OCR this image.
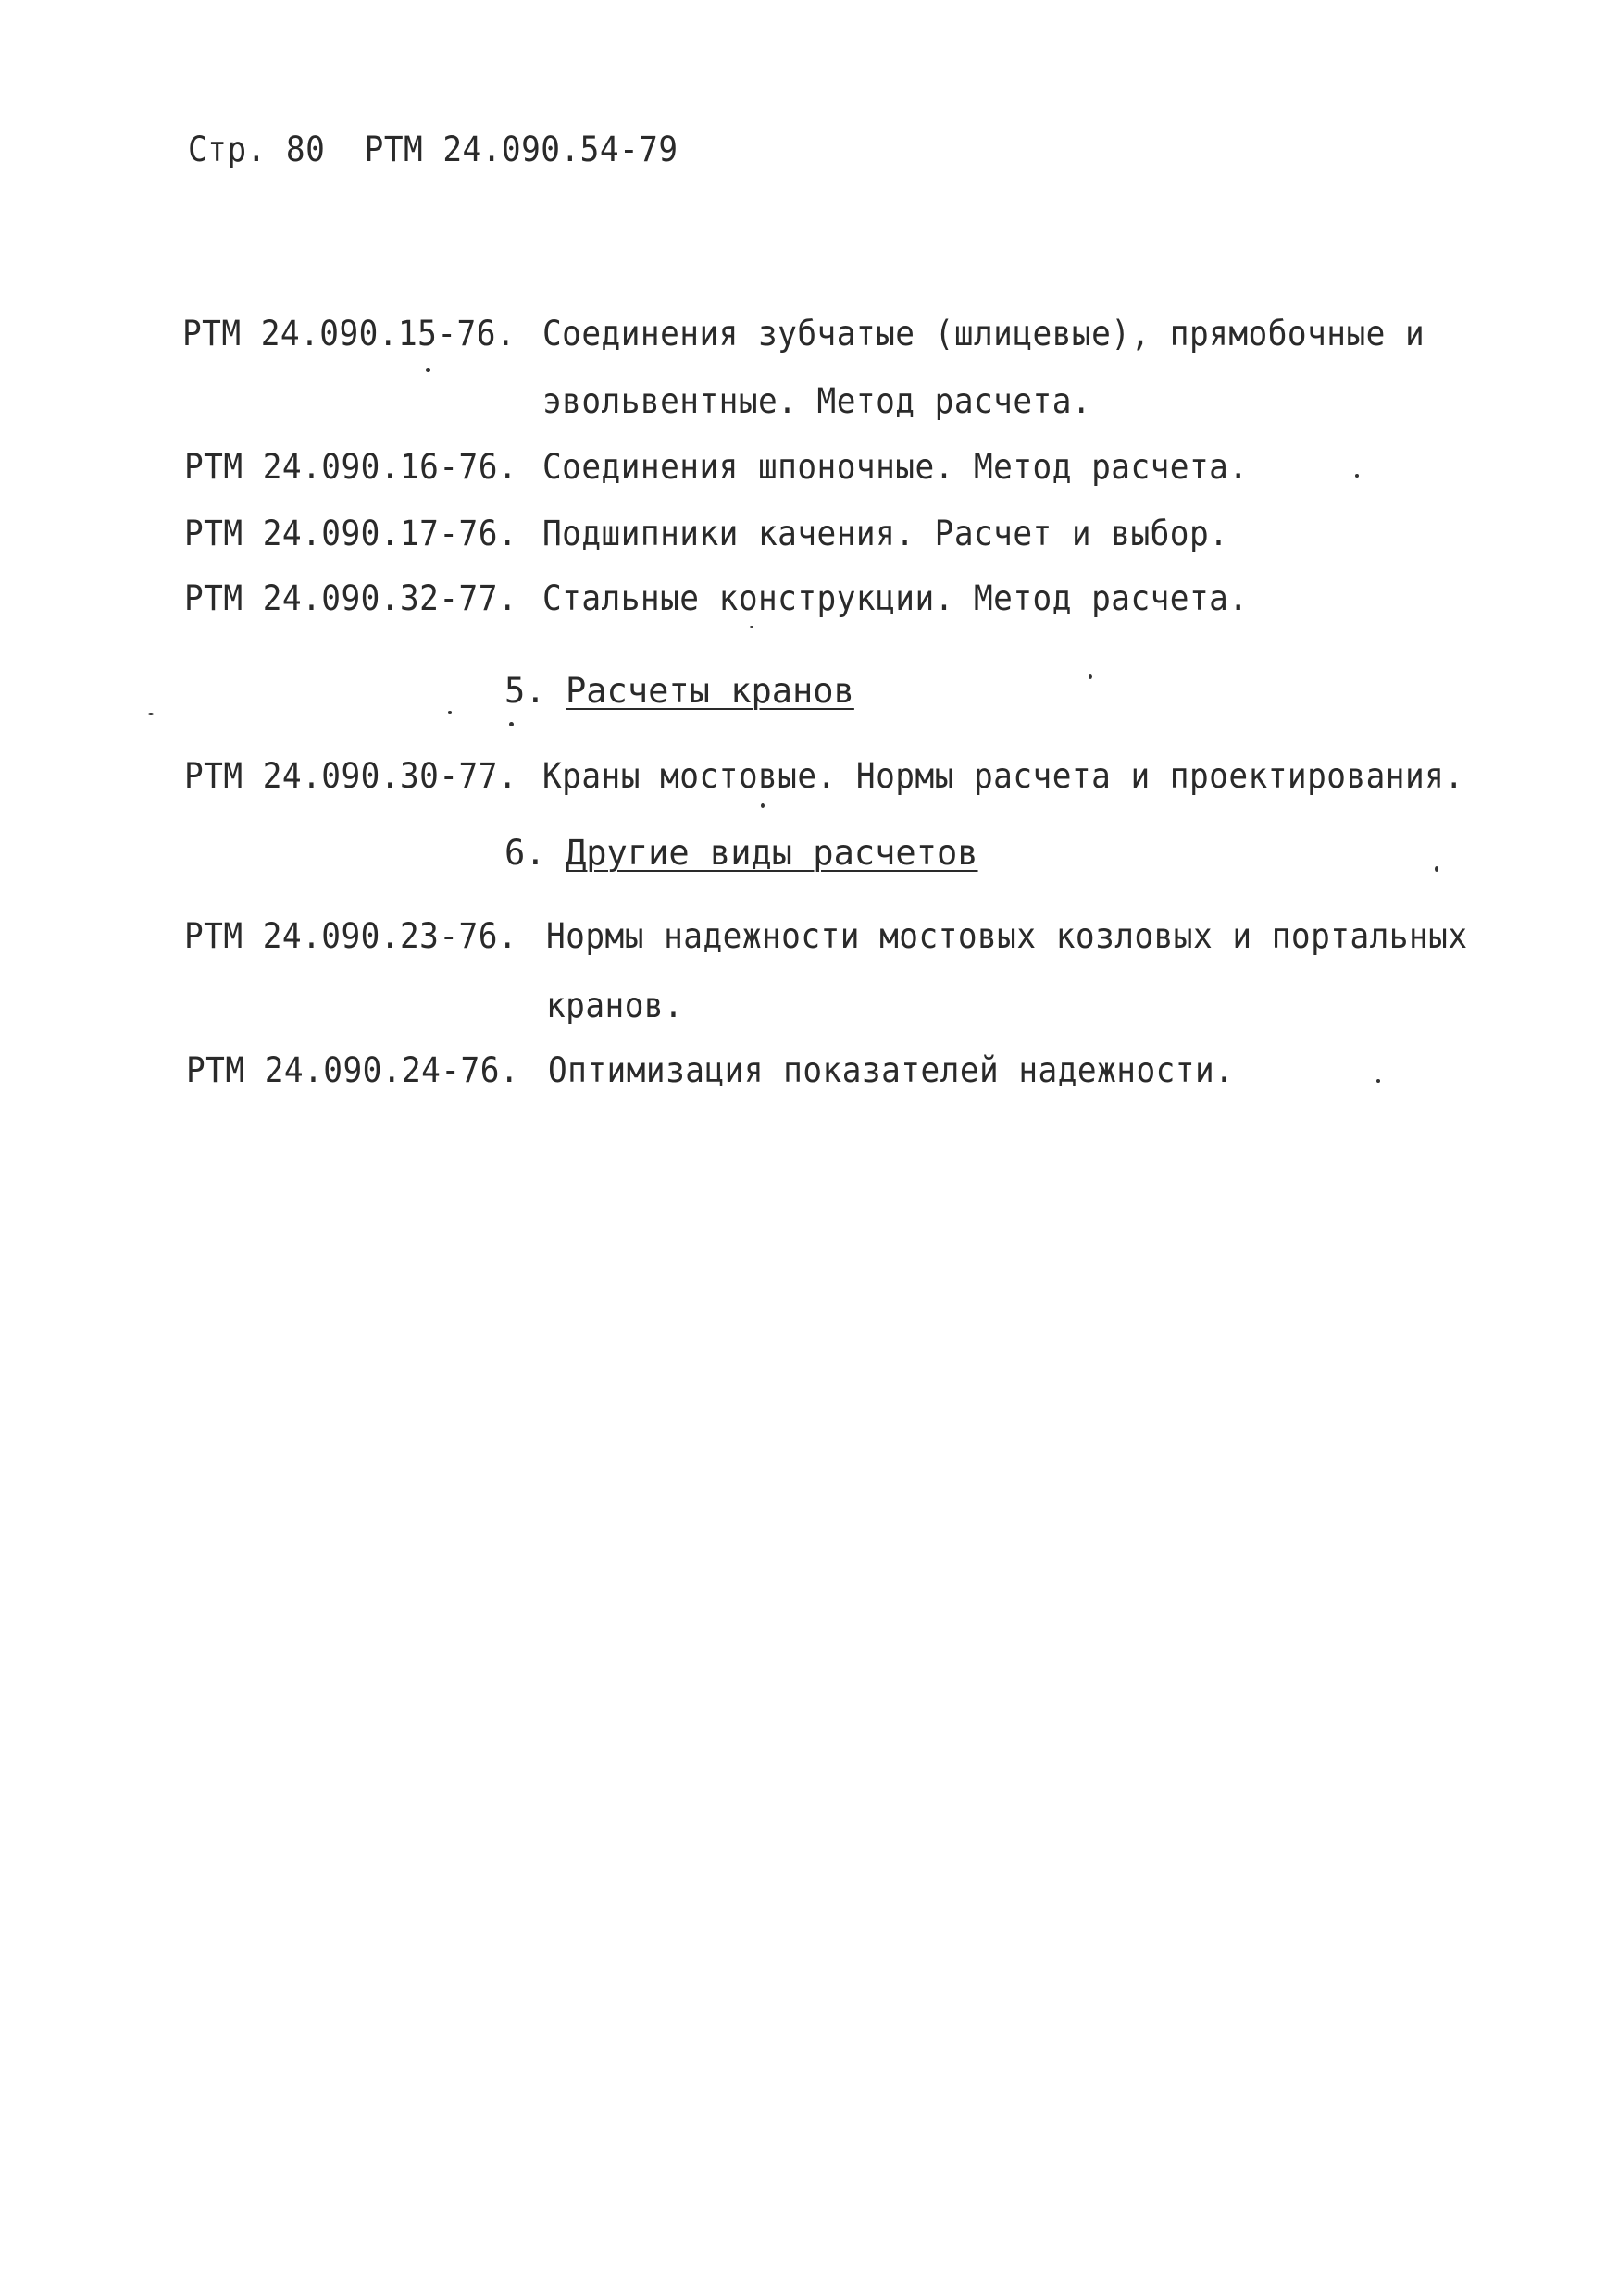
Стр. 80  РТМ 24.090.54-79
РТМ 24.090.15-76. Соединения зубчатые (шлицевые), прямобочные и
эвольвентные. Метод расчета.
РТМ 24.090.16-76. Соединения шпоночные. Метод расчета.
РТМ 24.090.17-76. Подшипники качения. Расчет и выбор.
РТМ 24.090.32-77. Стальные конструкции. Метод расчета.

5.

Расчеты кранов

РТМ 24.090.30-77. Краны мостовые. Нормы расчета и проектирования.

6.

Другие виды расчетов

РТМ 24.090.23-76. Нормы надежности мостовых козловых и портальных
кранов.
РТМ 24.090.24-76. Оптимизация показателей надежности.
